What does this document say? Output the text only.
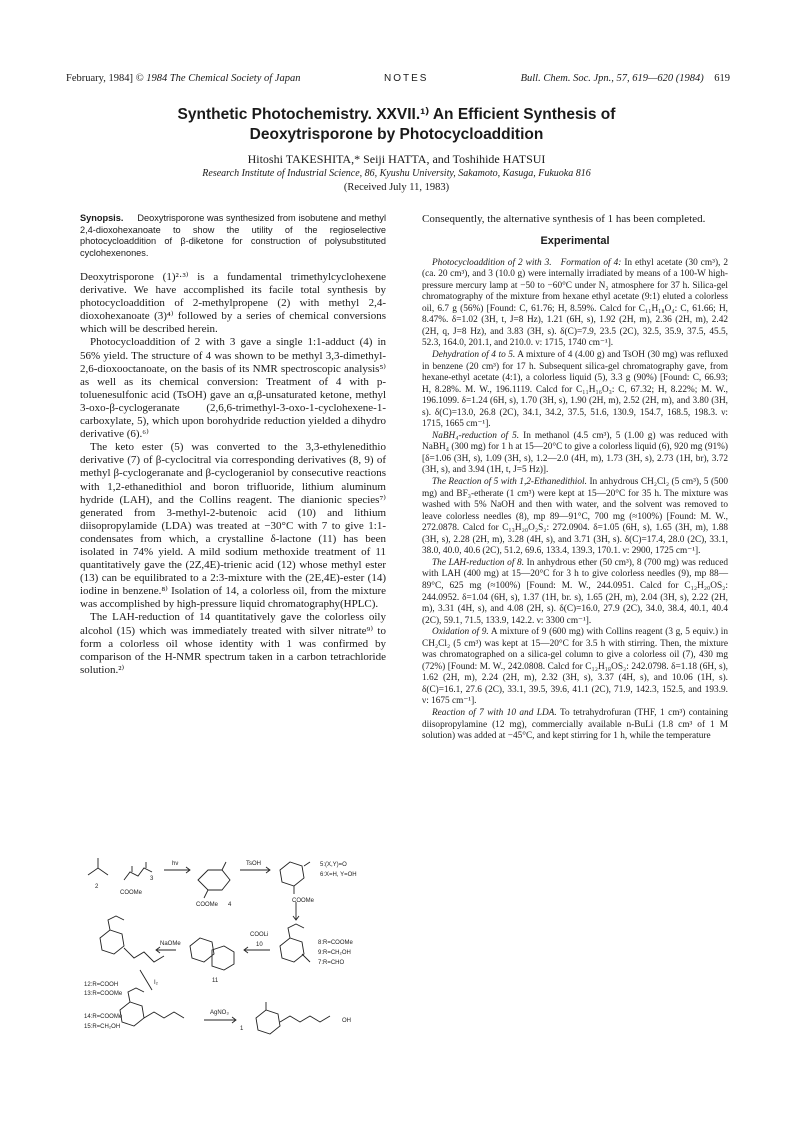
February, 1984] © 1984 The Chemical Society of Japan	NOTES	Bull. Chem. Soc. Jpn., 57, 619—620 (1984) 619
Synthetic Photochemistry. XXVII.¹⁾ An Efficient Synthesis of
Deoxytrisporone by Photocycloaddition
Hitoshi TAKESHITA,* Seiji HATTA, and Toshihide HATSUI
Research Institute of Industrial Science, 86, Kyushu University, Sakamoto, Kasuga, Fukuoka 816
(Received July 11, 1983)
Synopsis. Deoxytrisporone was synthesized from isobutene and methyl 2,4-dioxohexanoate to show the utility of the regioselective photocycloaddition of β-diketone for construction of polysubstituted cyclohexenones.

Deoxytrisporone (1)²·³⁾ is a fundamental trimethylcyclohexene derivative. We have accomplished its facile total synthesis by photocycloaddition of 2-methylpropene (2) with methyl 2,4-dioxohexanoate (3)⁴⁾ followed by a series of chemical conversions which will be described herein.

Photocycloaddition of 2 with 3 gave a single 1:1-adduct (4) in 56% yield. The structure of 4 was shown to be methyl 3,3-dimethyl-2,6-dioxooctanoate, on the basis of its NMR spectroscopic analysis⁵⁾ as well as its chemical conversion: Treatment of 4 with p-toluenesulfonic acid (TsOH) gave an α,β-unsaturated ketone, methyl 3-oxo-β-cyclogeranate (2,6,6-trimethyl-3-oxo-1-cyclohexene-1-carboxylate, 5), which upon borohydride reduction yielded a dihydro derivative (6).⁶⁾

The keto ester (5) was converted to the 3,3-ethylenedithio derivative (7) of β-cyclocitral via corresponding derivatives (8, 9) of methyl β-cyclogeranate and β-cyclogeraniol by consecutive reactions with 1,2-ethanedithiol and boron trifluoride, lithium aluminum hydride (LAH), and the Collins reagent. The dianionic species⁷⁾ generated from 3-methyl-2-butenoic acid (10) and lithium diisopropylamide (LDA) was treated at −30°C with 7 to give 1:1-condensates from which, a crystalline δ-lactone (11) has been isolated in 74% yield. A mild sodium methoxide treatment of 11 quantitatively gave the (2Z,4E)-trienic acid (12) whose methyl ester (13) can be equilibrated to a 2:3-mixture with the (2E,4E)-ester (14) iodine in benzene.⁸⁾ Isolation of 14, a colorless oil, from the mixture was accomplished by high-pressure liquid chromatography(HPLC).

The LAH-reduction of 14 quantitatively gave the colorless oily alcohol (15) which was immediately treated with silver nitrate⁹⁾ to form a colorless oil whose identity with 1 was confirmed by comparison of the H-NMR spectrum taken in a carbon tetrachloride solution.²⁾

2
3
COOMe
hν
COOMe 4
TsOH
COOMe
5:(X,Y)=O
6:X=H, Y=OH
NaOMe
11
COOLi
10	8:R=COOMe
9:R=CH₂OH
7:R=CHO
12:R=COOH
13:R=COOMe
I₂
14:R=COOMe
15:R=CH₂OH
AgNO₃
1
OH

Consequently, the alternative synthesis of 1 has been completed.

Experimental

Photocycloaddition of 2 with 3. Formation of 4: In ethyl acetate (30 cm³), 2 (ca. 20 cm³), and 3 (10.0 g) were internally irradiated by means of a 100-W high-pressure mercury lamp at −50 to −60°C under N₂ atmosphere for 37 h. Silica-gel chromatography of the mixture from hexane ethyl acetate (9:1) eluted a colorless oil, 6.7 g (56%) [Found: C, 61.76; H, 8.59%. Calcd for C₁₁H₁₈O₄: C, 61.66; H, 8.47%. δ=1.02 (3H, t, J=8 Hz), 1.21 (6H, s), 1.92 (2H, m), 2.36 (2H, m), 2.42 (2H, q, J=8 Hz), and 3.83 (3H, s). δ(C)=7.9, 23.5 (2C), 32.5, 35.9, 37.5, 45.5, 52.3, 164.0, 201.1, and 210.0. ν: 1715, 1740 cm⁻¹].

Dehydration of 4 to 5. A mixture of 4 (4.00 g) and TsOH (30 mg) was refluxed in benzene (20 cm³) for 17 h. Subsequent silica-gel chromatography gave, from hexane-ethyl acetate (4:1), a colorless liquid (5), 3.3 g (90%) [Found: C, 66.93; H, 8.28%. M. W., 196.1119. Calcd for C₁₁H₁₆O₃: C, 67.32; H, 8.22%; M. W., 196.1099. δ=1.24 (6H, s), 1.70 (3H, s), 1.90 (2H, m), 2.52 (2H, m), and 3.80 (3H, s). δ(C)=13.0, 26.8 (2C), 34.1, 34.2, 37.5, 51.6, 130.9, 154.7, 168.5, 198.3. ν: 1715, 1665 cm⁻¹].

NaBH₄-reduction of 5. In methanol (4.5 cm³), 5 (1.00 g) was reduced with NaBH₄ (300 mg) for 1 h at 15—20°C to give a colorless liquid (6), 920 mg (91%) [δ=1.06 (3H, s), 1.09 (3H, s), 1.2—2.0 (4H, m), 1.73 (3H, s), 2.73 (1H, br), 3.72 (3H, s), and 3.94 (1H, t, J=5 Hz)].

The Reaction of 5 with 1,2-Ethanedithiol. In anhydrous CH₂Cl₂ (5 cm³), 5 (500 mg) and BF₃-etherate (1 cm³) were kept at 15—20°C for 35 h. The mixture was washed with 5% NaOH and then with water, and the solvent was removed to leave colorless needles (8), mp 89—91°C, 700 mg (≈100%) [Found: M. W., 272.0878. Calcd for C₁₃H₂₀O₂S₂: 272.0904. δ=1.05 (6H, s), 1.65 (3H, m), 1.88 (3H, s), 2.28 (2H, m), 3.28 (4H, s), and 3.71 (3H, s). δ(C)=17.4, 28.0 (2C), 33.1, 38.0, 40.0, 40.6 (2C), 51.2, 69.6, 133.4, 139.3, 170.1. ν: 2900, 1725 cm⁻¹].

The LAH-reduction of 8. In anhydrous ether (50 cm³), 8 (700 mg) was reduced with LAH (400 mg) at 15—20°C for 3 h to give colorless needles (9), mp 88—89°C, 625 mg (≈100%) [Found: M. W., 244.0951. Calcd for C₁₂H₂₀OS₂: 244.0952. δ=1.04 (6H, s), 1.37 (1H, br. s), 1.65 (2H, m), 2.04 (3H, s), 2.22 (2H, m), 3.31 (4H, s), and 4.08 (2H, s). δ(C)=16.0, 27.9 (2C), 34.0, 38.4, 40.1, 40.4 (2C), 59.1, 71.5, 133.9, 142.2. ν: 3300 cm⁻¹].

Oxidation of 9. A mixture of 9 (600 mg) with Collins reagent (3 g, 5 equiv.) in CH₂Cl₂ (5 cm³) was kept at 15—20°C for 3.5 h with stirring. Then, the mixture was chromatographed on a silica-gel column to give a colorless oil (7), 430 mg (72%) [Found: M. W., 242.0808. Calcd for C₁₂H₁₈OS₂: 242.0798. δ=1.18 (6H, s), 1.62 (2H, m), 2.24 (2H, m), 2.32 (3H, s), 3.37 (4H, s), and 10.06 (1H, s). δ(C)=16.1, 27.6 (2C), 33.1, 39.5, 39.6, 41.1 (2C), 71.9, 142.3, 152.5, and 193.9. ν: 1675 cm⁻¹].

Reaction of 7 with 10 and LDA. To tetrahydrofuran (THF, 1 cm³) containing diisopropylamine (12 mg), commercially available n-BuLi (1.8 cm³ of 1 M solution) was added at −45°C, and kept stirring for 1 h, while the temperature
